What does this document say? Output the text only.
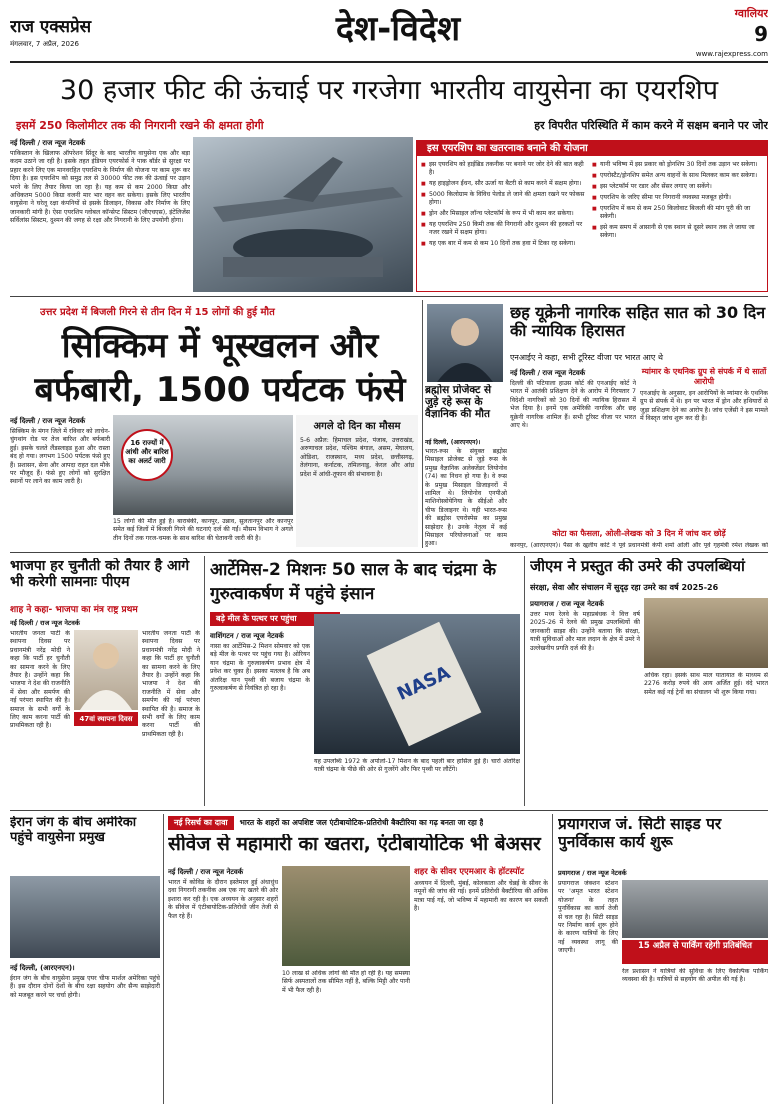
राज एक्सप्रेस
मंगलवार, 7 अप्रैल, 2026	देश-विदेश	ग्वालियर
9
www.rajexpress.com
30 हजार फीट की ऊंचाई पर गरजेगा भारतीय वायुसेना का एयरशिप
इसमें 250 किलोमीटर तक की निगरानी रखने की क्षमता होगी	हर विपरीत परिस्थिति में काम करने में सक्षम बनाने पर जोर
नई दिल्ली / राज न्यूज नेटवर्क
पाकिस्तान के खिलाफ ऑपरेशन सिंदूर के बाद भारतीय वायुसेना एक और बड़ा कदम उठाने जा रही है। इसके तहत इंडियन एयरफोर्स ने पाक बॉर्डर से सुरक्षा पर प्रहार करने लिए एक मानवरहित एयरशिप के निर्माण की योजना पर काम शुरू कर दिया है। इस एयरशिप को समुद्र तल से 30000 फीट तक की ऊंचाई पर उड़ान भरने के लिए तैयार किया जा रहा है। यह कम से कम 2000 किग्रा और अधिकतम 5000 किग्रा वजनी मार भार वहन कर सकेगा। इसके लिए भारतीय वायुसेना ने घरेलू रक्षा कंपनियों से इसके डिजाइन, विकास और निर्माण के लिए जानकारी मांगी है। ऐसा एयरशिप ग्लोबल कॉन्सेप्ट सिस्टम (जीएचएस), इंटेलिजेंस सर्विलांस सिस्टम, दुश्मन की जगह से रक्षा और निगरानी के लिए उपयोगी होगा।
इस एयरशिप का खतरनाक बनाने की योजना
■ इस एयरशिप को हाईब्रिड तकनीक पर बनाने पर जोर देने की बात कही है।
■ यह हाइड्रोजन ईंधन, सौर ऊर्जा या बैटरी से काम करने में सक्षम होगा।
■ 5000 किलोग्राम के विविध पेलोड ले जाने की क्षमता रखने पर फोकस होगा।
■ ड्रोन और मिसाइल लॉन्च प्लेटफॉर्म के रूप में भी काम कर सकेगा।
■ यह एयरशिप 250 किमी तक की निगरानी और दुश्मन की हरकतों पर नजर रखने में सक्षम होगा।
■ यह एक बार में कम से कम 10 दिनों तक हवा में टिका रह सकेगा।
■ यानी भविष्य में इस प्रकार को ड्रोनशिप 30 दिनों तक उड़ान भर सकेगा।
■ एयरोस्टैट/ड्रोनशिप समेत अन्य वाहनों के साथ मिलकर काम कर सकेगा।
■ इस प्लेटफॉर्म पर रडार और सेंसर लगाए जा सकेंगे।
■ एयरशिप के जरिए सीमा पर निगरानी व्यवस्था मजबूत होगी।
■ एयरशिप में कम से कम 250 किलोवाट बिजली की मांग पूरी की जा सकेगी।
■ इसे कम समय में आसानी से एक स्थान से दूसरे स्थान तक ले जाया जा सकेगा।
उत्तर प्रदेश में बिजली गिरने से तीन दिन में 15 लोगों की हुई मौत
सिक्किम में भूस्खलन और बर्फबारी, 1500 पर्यटक फंसे
नई दिल्ली / राज न्यूज नेटवर्क
सिक्किम के मंगन जिले में रविवार को लाचेन-चुंगथांग रोड पर तेज बारिश और बर्फबारी हुई। इसके चलते लैंडस्लाइड हुआ और रास्ता बंद हो गया। लगभग 1500 पर्यटक फंसे हुए हैं। प्रशासन, सेना और आपदा राहत दल मौके पर मौजूद हैं। फंसे हुए लोगों को सुरक्षित स्थानों पर लाने का काम जारी है।
16 राज्यों में आंधी और बारिश का अलर्ट जारी
15 लोगों की मौत हुई है। बाराबंकी, कानपुर, उन्नाव, सुलतानपुर और कानपुर समेत कई जिलों में बिजली गिरने की घटनाएं दर्ज की गईं। मौसम विभाग ने अगले तीन दिनों तक गरज-चमक के साथ बारिश की चेतावनी जारी की है।
अगले दो दिन का मौसम
5-6 अप्रैल: हिमाचल प्रदेश, पंजाब, उत्तराखंड, अरुणाचल प्रदेश, पश्चिम बंगाल, असम, मेघालय, ओडिशा, राजस्थान, मध्य प्रदेश, छत्तीसगढ़, तेलंगाना, कर्नाटक, तमिलनाडु, केरल और आंध्र प्रदेश में आंधी-तूफान की संभावना है।
ब्रह्मोस प्रोजेक्ट से जुड़े रहे रूस के वैज्ञानिक की मौत
नई दिल्ली, (आरएनएन)।
भारत-रूस के संयुक्त ब्रह्मोस मिसाइल प्रोजेक्ट से जुड़े रूस के प्रमुख वैज्ञानिक अलेक्जेंडर लियोनोव (74) का निधन हो गया है। वे रूस के प्रमुख मिसाइल डिजाइनरों में शामिल थे। लियोनोव एनपीओ माशिनोस्त्रोयेनिया के सीईओ और चीफ डिजाइनर थे। यही भारत-रूस की ब्रह्मोस एयरोस्पेस का प्रमुख साझेदार है। उनके नेतृत्व में कई मिसाइल परियोजनाओं पर काम हुआ।
छह यूक्रेनी नागरिक सहित सात को 30 दिन की न्यायिक हिरासत
एनआईए ने कहा, सभी टूरिस्ट वीजा पर भारत आए थे
नई दिल्ली / राज न्यूज नेटवर्क
दिल्ली की पटियाला हाउस कोर्ट की एनआईए कोर्ट ने भारत में आतंकी प्रशिक्षण देने के आरोप में गिरफ्तार 7 विदेशी नागरिकों को 30 दिनों की न्यायिक हिरासत में भेज दिया है। इनमें एक अमेरिकी नागरिक और छह यूक्रेनी नागरिक शामिल हैं। सभी टूरिस्ट वीजा पर भारत आए थे।
म्यांमार के एथनिक ग्रुप से संपर्क में थे सातों आरोपी
एनआईए के अनुसार, इन आरोपियों के म्यांमार के एथनिक ग्रुप से संपर्क में थे। इन पर भारत में ड्रोन और हथियारों से जुड़ा प्रशिक्षण देने का आरोप है। जांच एजेंसी ने इस मामले में विस्तृत जांच शुरू कर दी है।
कोटा का फैसला, ओली-लेखक को 3 दिन में जांच कर छोड़ें
कानपुर, (आरएनएन)। पैसा के खुलीय कोर्ट ने पूर्व प्रधानमंत्री केपी शर्मा ओली और पूर्व गृहमंत्री रमेश लेखक को
भाजपा हर चुनौती को तैयार है आगे भी करेगी सामनाः पीएम
शाह ने कहा- भाजपा का मंत्र राष्ट्र प्रथम
नई दिल्ली / राज न्यूज नेटवर्क
भारतीय जनता पार्टी के स्थापना दिवस पर प्रधानमंत्री नरेंद्र मोदी ने कहा कि पार्टी हर चुनौती का सामना करने के लिए तैयार है। उन्होंने कहा कि भाजपा ने देश की राजनीति में सेवा और समर्पण की नई परंपरा स्थापित की है। समाज के सभी वर्गों के लिए काम करना पार्टी की प्राथमिकता रही है।
47वां स्थापना दिवस
भारतीय जनता पार्टी के स्थापना दिवस पर प्रधानमंत्री नरेंद्र मोदी ने कहा कि पार्टी हर चुनौती का सामना करने के लिए तैयार है। उन्होंने कहा कि भाजपा ने देश की राजनीति में सेवा और समर्पण की नई परंपरा स्थापित की है। समाज के सभी वर्गों के लिए काम करना पार्टी की प्राथमिकता रही है।
आर्टेमिस-2 मिशनः 50 साल के बाद चंद्रमा के गुरुत्वाकर्षण में पहुंचे इंसान
बड़े मील के पत्थर पर पहुंचा
वाशिंगटन / राज न्यूज नेटवर्क
नासा का आर्टेमिस-2 मिशन सोमवार को एक बड़े मील के पत्थर पर पहुंच गया है। ओरियन यान चंद्रमा के गुरुत्वाकर्षण प्रभाव क्षेत्र में प्रवेश कर चुका है। इसका मतलब है कि अब अंतरिक्ष यान पृथ्वी की बजाय चंद्रमा के गुरुत्वाकर्षण से नियंत्रित हो रहा है।	NASA
यह उपलब्धि 1972 के अपोलो-17 मिशन के बाद पहली बार हासिल हुई है। चारों अंतरिक्ष यात्री चंद्रमा के पीछे की ओर से गुजरेंगे और फिर पृथ्वी पर लौटेंगे।
जीएम ने प्रस्तुत की उमरे की उपलब्धियां
संरक्षा, सेवा और संचालन में सुदृढ़ रहा उमरे का वर्ष 2025-26
प्रयागराज / राज न्यूज नेटवर्क
उत्तर मध्य रेलवे के महाप्रबंधक ने वित्त वर्ष 2025-26 में रेलवे की प्रमुख उपलब्धियों की जानकारी साझा की। उन्होंने बताया कि संरक्षा, यात्री सुविधाओं और माल लदान के क्षेत्र में उमरे ने उल्लेखनीय प्रगति दर्ज की है।
अधिक रहा। इसके साथ माल यातायात के माध्यम से 2276 करोड़ रुपये की आय अर्जित हुई। वंदे भारत समेत कई नई ट्रेनों का संचालन भी शुरू किया गया।
ईरान जंग के बीच अमेरिका पहुंचे वायुसेना प्रमुख
नई दिल्ली, (आरएनएन)।
ईरान जंग के बीच वायुसेना प्रमुख एयर चीफ मार्शल अमेरिका पहुंचे हैं। इस दौरान दोनों देशों के बीच रक्षा सहयोग और सैन्य साझेदारी को मजबूत करने पर चर्चा होगी।
नई रिसर्च का दावा	भारत के शहरों का अपशिष्ट जल एंटीबायोटिक-प्रतिरोधी बैक्टीरिया का गढ़ बनता जा रहा है
सीवेज से महामारी का खतरा, एंटीबायोटिक भी बेअसर
नई दिल्ली / राज न्यूज नेटवर्क
भारत में कोविड के दौरान इस्तेमाल हुई अंधाधुंध दवा निगरानी तकनीक अब एक नए खतरे की ओर इशारा कर रही है। एक अध्ययन के अनुसार शहरों के सीवेज में एंटीबायोटिक-प्रतिरोधी जीन तेजी से फैल रहे हैं।
10 लाख से अधिक लोगों की मौत हो रही है। यह समस्या सिर्फ अस्पतालों तक सीमित नहीं है, बल्कि मिट्टी और पानी में भी फैल रही है।
शहर के सीवर एएमआर के हॉटस्पॉट
अध्ययन में दिल्ली, मुंबई, कोलकाता और चेन्नई के सीवर के नमूनों की जांच की गई। इनमें प्रतिरोधी बैक्टीरिया की अधिक मात्रा पाई गई, जो भविष्य में महामारी का कारण बन सकती है।
प्रयागराज जं. सिटी साइड पर पुनर्विकास कार्य शुरू
प्रयागराज / राज न्यूज नेटवर्क
15 अप्रैल से पार्किंग रहेगी प्रतिबंधित
प्रयागराज जंक्शन स्टेशन पर 'अमृत भारत स्टेशन योजना' के तहत पुनर्विकास का कार्य तेजी से चल रहा है। सिटी साइड पर निर्माण कार्य शुरू होने के कारण यात्रियों के लिए नई व्यवस्था लागू की जाएगी।
रेल प्रशासन ने यात्रियों की सुविधा के लिए वैकल्पिक पार्किंग व्यवस्था की है। यात्रियों से सहयोग की अपील की गई है।
